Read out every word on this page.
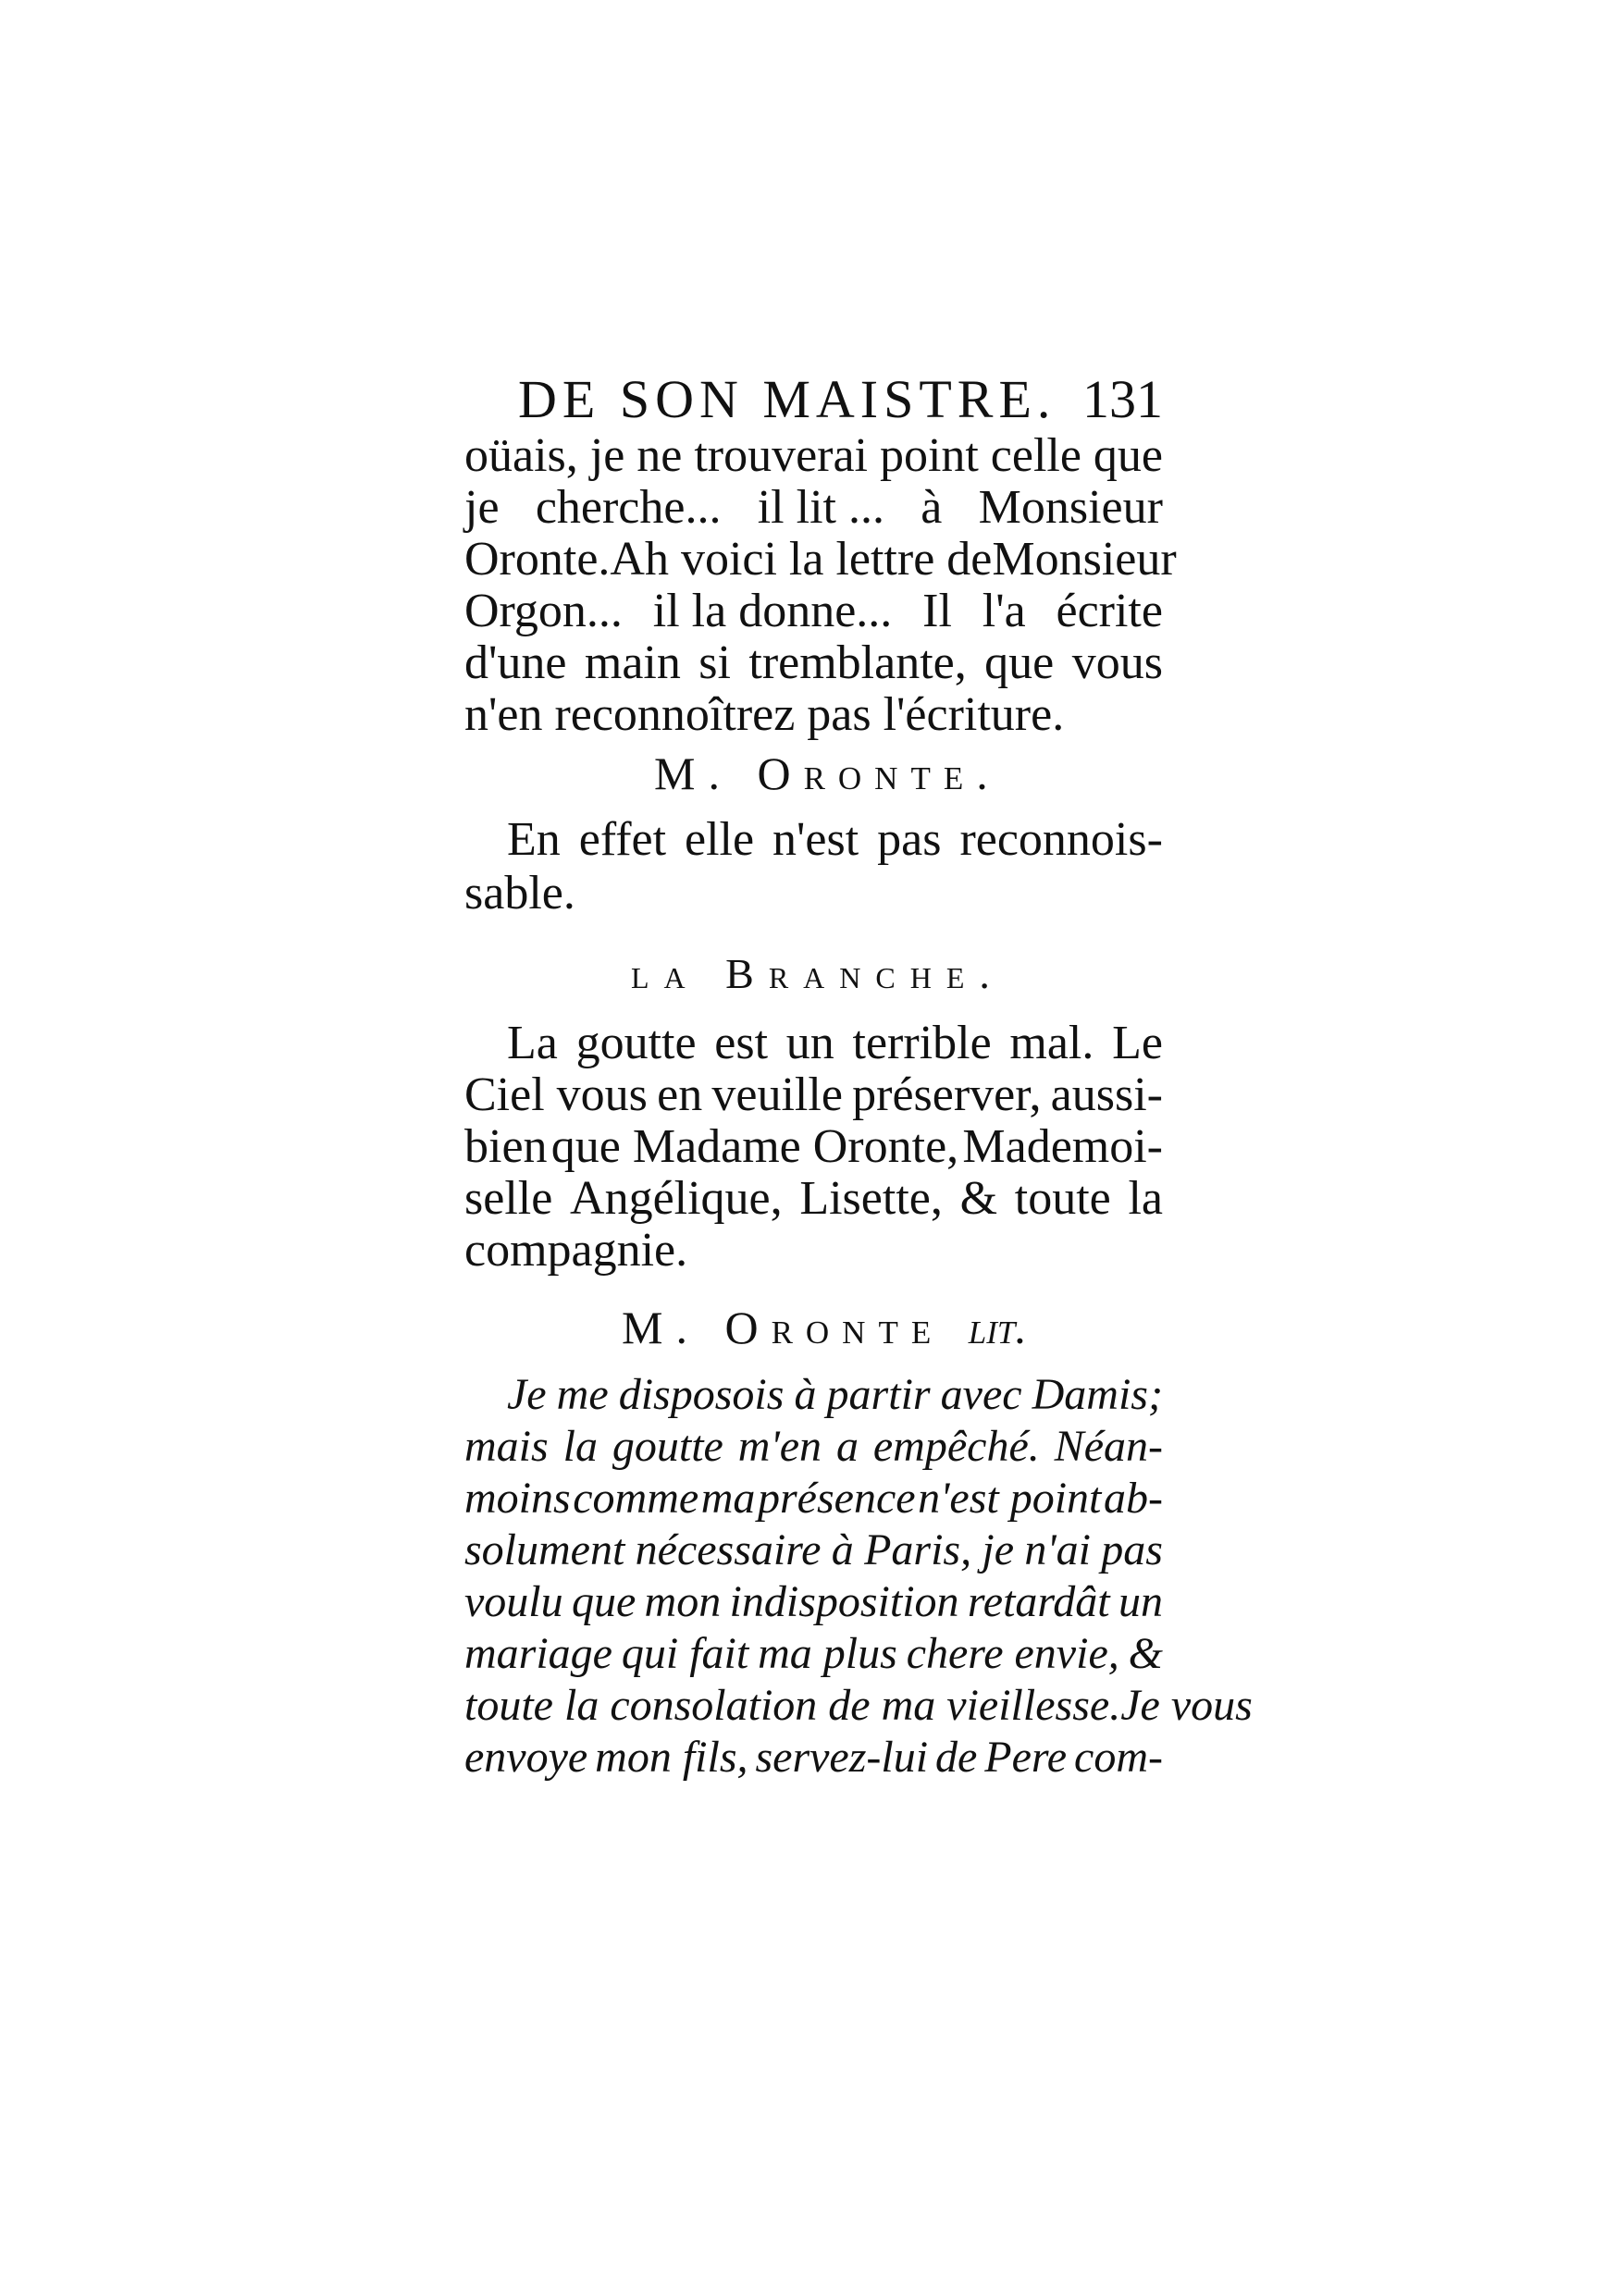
DE SON MAISTRE. 131
oüais, je ne trouverai point celle que
je cherche... il lit ... à Monsieur
Oronte. Ah voici la lettre de Monsieur
Orgon... il la donne... Il l'a écrite
d'une main si tremblante, que vous
n'en reconnoîtrez pas l'écriture.
M. Oronte.
En effet elle n'est pas reconnois-
sable.
la Branche.
La goutte est un terrible mal. Le
Ciel vous en veuille préserver, aussi-
bien que Madame Oronte, Mademoi-
selle Angélique, Lisette, & toute la
compagnie.
M. Oronte lit.
Je me disposois à partir avec Damis;
mais la goutte m'en a empêché. Néan-
moins comme ma présence n'est point ab-
solument nécessaire à Paris, je n'ai pas
voulu que mon indisposition retardât un
mariage qui fait ma plus chere envie, &
toute la consolation de ma vieillesse. Je vous
envoye mon fils, servez-lui de Pere com-
